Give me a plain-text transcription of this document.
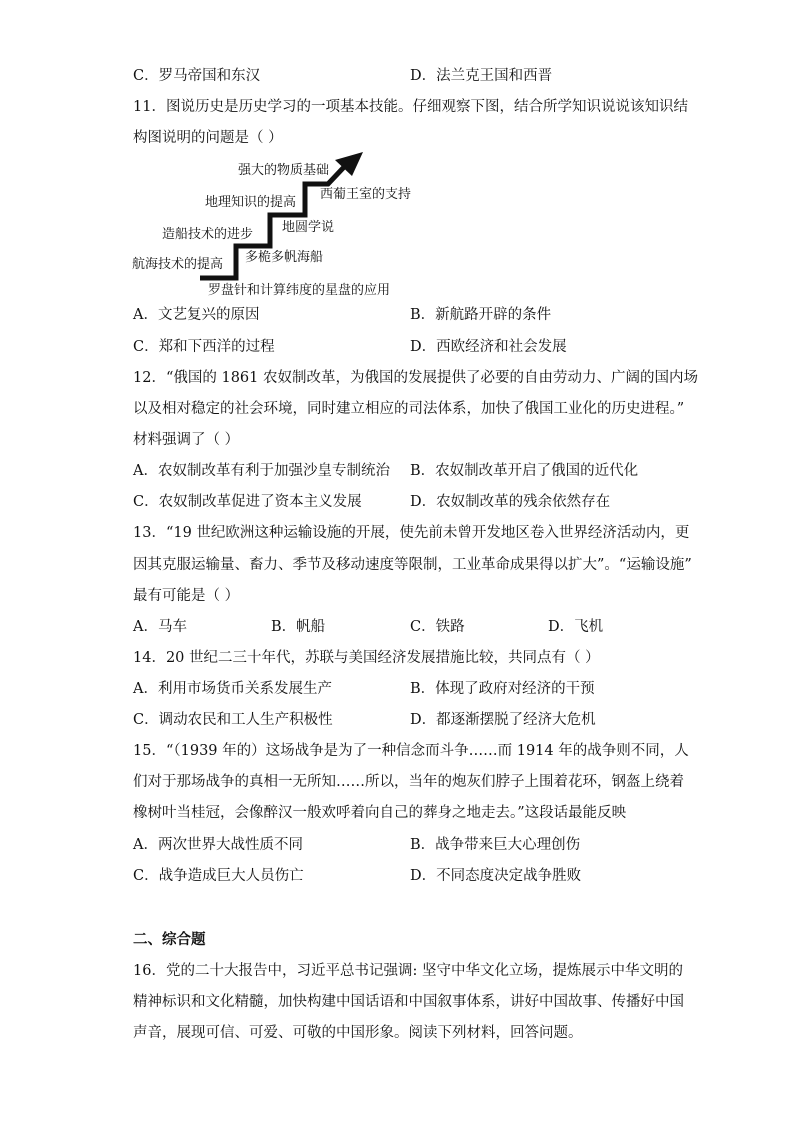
C．罗马帝国和东汉	D．法兰克王国和西晋
11．图说历史是历史学习的一项基本技能。仔细观察下图，结合所学知识说说该知识结
构图说明的问题是（ ）
强大的物质基础
地理知识的提高
造船技术的进步
航海技术的提高
西葡王室的支持
地圆学说
多桅多帆海船
罗盘针和计算纬度的星盘的应用
A．文艺复兴的原因	B．新航路开辟的条件
C．郑和下西洋的过程	D．西欧经济和社会发展
12．“俄国的 1861 农奴制改革，为俄国的发展提供了必要的自由劳动力、广阔的国内场
以及相对稳定的社会环境，同时建立相应的司法体系，加快了俄国工业化的历史进程。”
材料强调了（ ）
A．农奴制改革有利于加强沙皇专制统治 B．农奴制改革开启了俄国的近代化
C．农奴制改革促进了资本主义发展	D．农奴制改革的残余依然存在
13．“19 世纪欧洲这种运输设施的开展，使先前未曾开发地区卷入世界经济活动内，更
因其克服运输量、畜力、季节及移动速度等限制，工业革命成果得以扩大”。“运输设施”
最有可能是（ ）
A．马车	B．帆船	C．铁路	D．飞机
14．20 世纪二三十年代，苏联与美国经济发展措施比较，共同点有（ ）
A．利用市场货币关系发展生产	B．体现了政府对经济的干预
C．调动农民和工人生产积极性	D．都逐渐摆脱了经济大危机
15．“（1939 年的）这场战争是为了一种信念而斗争……而 1914 年的战争则不同，人
们对于那场战争的真相一无所知……所以，当年的炮灰们脖子上围着花环，钢盔上绕着
橡树叶当桂冠，会像醉汉一般欢呼着向自己的葬身之地走去。”这段话最能反映
A．两次世界大战性质不同	B．战争带来巨大心理创伤
C．战争造成巨大人员伤亡	D．不同态度决定战争胜败
二、综合题
16．党的二十大报告中，习近平总书记强调: 坚守中华文化立场，提炼展示中华文明的
精神标识和文化精髓，加快构建中国话语和中国叙事体系，讲好中国故事、传播好中国
声音，展现可信、可爱、可敬的中国形象。阅读下列材料，回答问题。
